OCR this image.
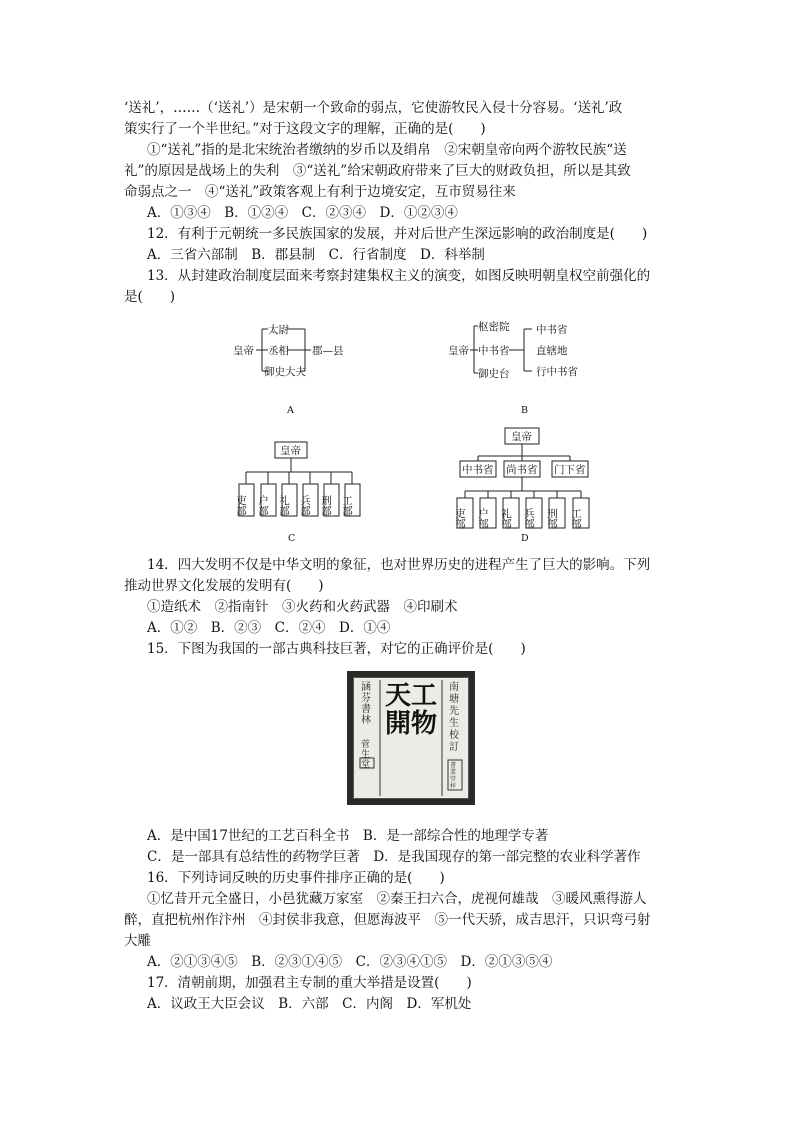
‘送礼’，……（‘送礼’）是宋朝一个致命的弱点，它使游牧民入侵十分容易。‘送礼’政
策实行了一个半世纪。”对于这段文字的理解，正确的是(　　)
①“送礼”指的是北宋统治者缴纳的岁币以及绢帛　②宋朝皇帝向两个游牧民族“送
礼”的原因是战场上的失利　③“送礼”给宋朝政府带来了巨大的财政负担，所以是其致
命弱点之一　④“送礼”政策客观上有利于边境安定，互市贸易往来
A．①③④　B．①②④　C．②③④　D．①②③④
12．有利于元朝统一多民族国家的发展，并对后世产生深远影响的政治制度是(　　)
A．三省六部制　B．郡县制　C．行省制度　D．科举制
13．从封建政治制度层面来考察封建集权主义的演变，如图反映明朝皇权空前强化的
是(　　)
皇帝
太尉
丞相
御史大夫
郡—县
A
皇帝
枢密院
中书省
御史台
中书省
直辖地
行中书省
B
皇帝
吏部 户部 礼部 兵部 刑部 工部
C
皇帝
中书省 尚书省 门下省
吏部 户部 礼部 兵部 刑部 工部
D
14．四大发明不仅是中华文明的象征，也对世界历史的进程产生了巨大的影响。下列
推动世界文化发展的发明有(　　)
①造纸术　②指南针　③火药和火药武器　④印刷术
A．①②　B．②③　C．②④　D．①④
15．下图为我国的一部古典科技巨著，对它的正确评价是(　　)
天工開物
涵芬書林
菅生堂
南塘先生校訂
書業堂梓
A．是中国17世纪的工艺百科全书　B．是一部综合性的地理学专著
C．是一部具有总结性的药物学巨著　D．是我国现存的第一部完整的农业科学著作
16．下列诗词反映的历史事件排序正确的是(　　)
①忆昔开元全盛日，小邑犹藏万家室　②秦王扫六合，虎视何雄哉　③暖风熏得游人
醉，直把杭州作汴州　④封侯非我意，但愿海波平　⑤一代天骄，成吉思汗，只识弯弓射
大雕
A．②①③④⑤　B．②③①④⑤　C．②③④①⑤　D．②①③⑤④
17．清朝前期，加强君主专制的重大举措是设置(　　)
A．议政王大臣会议　B．六部　C．内阁　D．军机处
